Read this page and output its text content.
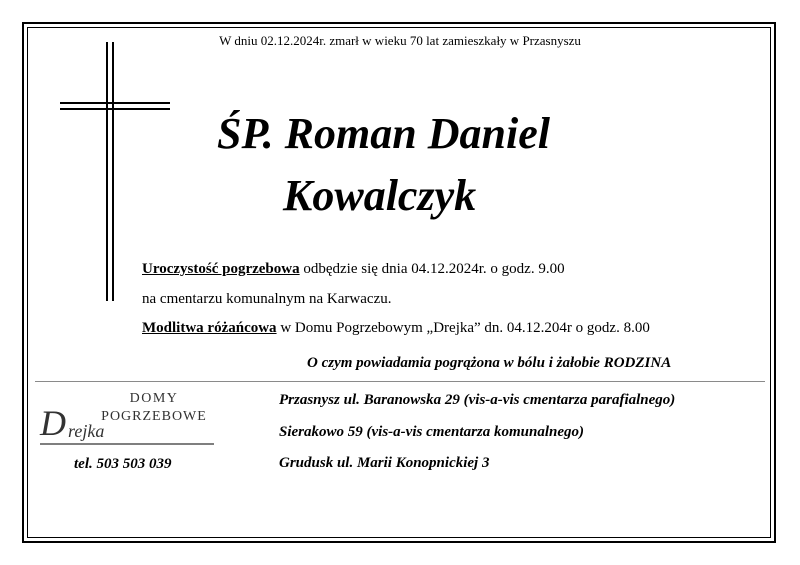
W dniu 02.12.2024r. zmarł w wieku 70 lat zamieszkały w Przasnyszu
ŚP. Roman Daniel
Kowalczyk
Uroczystość pogrzebowa odbędzie się dnia 04.12.2024r. o godz. 9.00
na cmentarzu komunalnym na Karwaczu.
Modlitwa różańcowa w Domu Pogrzebowym „Drejka” dn. 04.12.204r o godz. 8.00
O czym powiadamia pogrążona w bólu i żałobie RODZINA
DOMY
POGRZEBOWE
D rejka
tel. 503 503 039
Przasnysz ul. Baranowska 29 (vis-a-vis cmentarza parafialnego)
Sierakowo 59 (vis-a-vis cmentarza komunalnego)
Grudusk ul. Marii Konopnickiej 3
